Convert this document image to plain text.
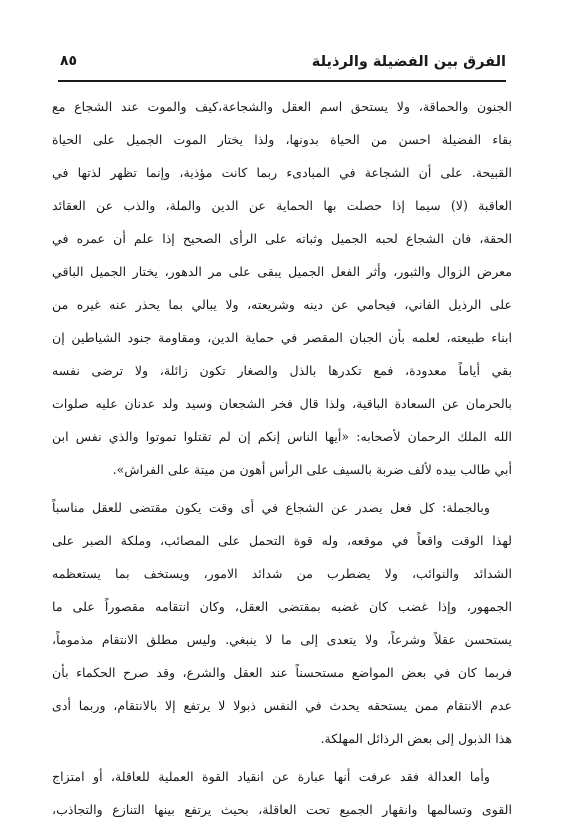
الفرق بين الفضيلة والرذيلة
٨٥
الجنون والحماقة، ولا يستحق اسم العقل والشجاعة،كيف والموت عند الشجاع مع
بقاء الفضيلة احسن من الحياة بدونها، ولذا يختار الموت الجميل على الحياة
القبيحة. على أن الشجاعة في المبادىء ربما كانت مؤذية، وإنما تظهر لذتها في
العاقبة (لا) سيما إذا حصلت بها الحماية عن الدين والملة، والذب عن العقائد
الحقة، فان الشجاع لحبه الجميل وثباته على الرأى الصحيح إذا علم أن عمره في
معرض الزوال والثبور، وأثر الفعل الجميل يبقى على مر الدهور، يختار الجميل الباقي
على الرذيل الفاني، فيحامي عن دينه وشريعته، ولا يبالي بما يحذر عنه غيره من
ابناء طبيعته، لعلمه بأن الجبان المقصر في حماية الدين، ومقاومة جنود الشياطين إن
بقي أياماً معدودة، فمع تكدرها بالذل والصغار تكون زائلة، ولا ترضى نفسه
بالحرمان عن السعادة الباقية، ولذا قال فخر الشجعان وسيد ولد عدنان عليه صلوات
الله الملك الرحمان لأصحابه: «أيها الناس إنكم إن لم تقتلوا تموتوا والذي نفس ابن
أبي طالب بيده لألف ضربة بالسيف على الرأس أهون من ميتة على الفراش».
وبالجملة: كل فعل يصدر عن الشجاع في أى وقت يكون مقتضى للعقل مناسباً
لهذا الوقت واقعاً في موقعه، وله قوة التحمل على المصائب، وملكة الصبر على
الشدائد والنوائب، ولا يضطرب من شدائد الامور، ويستخف بما يستعظمه
الجمهور، وإذا غضب كان غضبه بمقتضى العقل، وكان انتقامه مقصوراً على ما
يستحسن عقلاً وشرعاً، ولا يتعدى إلى ما لا ينبغي. وليس مطلق الانتقام مذموماً،
فربما كان في بعض المواضع مستحسناً عند العقل والشرع، وقد صرح الحكماء بأن
عدم الانتقام ممن يستحقه يحدث في النفس ذبولا لا يرتفع إلا بالانتقام، وربما أدى
هذا الذبول إلى بعض الرذائل المهلكة.
وأما العدالة فقد عرفت أنها عبارة عن انقياد القوة العملية للعاقلة، أو امتزاج
القوى وتسالمها وانقهار الجميع تحت العاقلة، بحيث يرتفع بينها التنازع والتجاذب،
